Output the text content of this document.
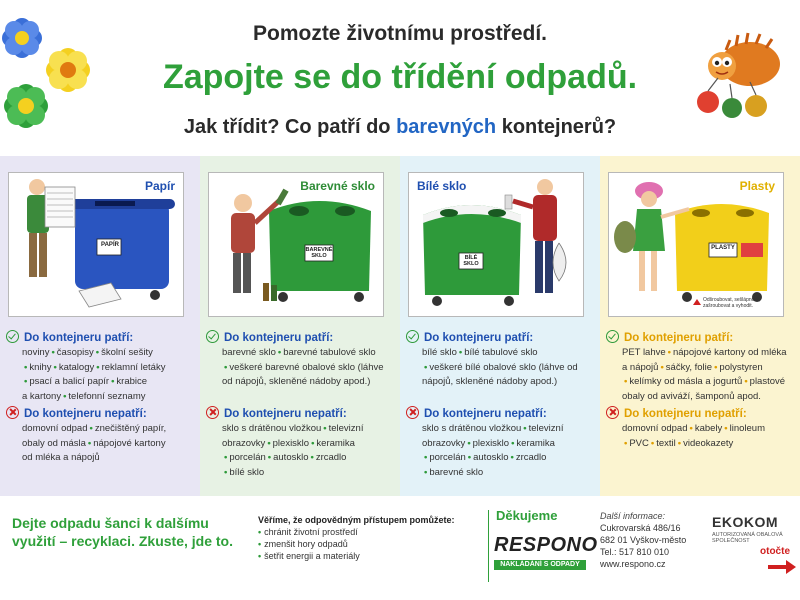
Pomozte životnímu prostředí.
Zapojte se do třídění odpadů.
Jak třídit? Co patří do barevných kontejnerů?
Papír
PAPÍR
Do kontejneru patří:
noviny • časopisy • školní sešity
• knihy • katalogy • reklamní letáky
• psací a balicí papír • krabice
a kartony • telefonní seznamy
Do kontejneru nepatří:
domovní odpad • znečištěný papír,
obaly od másla • nápojové kartony
od mléka a nápojů
Barevné sklo
BAREVNÉ SKLO
Do kontejneru patří:
barevné sklo • barevné tabulové sklo
• veškeré barevné obalové sklo (láhve
od nápojů, skleněné nádoby apod.)
Do kontejneru nepatří:
sklo s drátěnou vložkou • televizní
obrazovky • plexisklo • keramika
• porcelán • autosklo • zrcadlo
• bílé sklo
Bílé sklo
BÍLÉ SKLO
Do kontejneru patří:
bílé sklo • bílé tabulové sklo
• veškeré bílé obalové sklo (láhve od
nápojů, skleněné nádoby apod.)
Do kontejneru nepatří:
sklo s drátěnou vložkou • televizní
obrazovky • plexisklo • keramika
• porcelán • autosklo • zrcadlo
• barevné sklo
Plasty
PLASTY
Odšroubovat, sešlápnout, zašroubovat a vyhodit.
Do kontejneru patří:
PET lahve • nápojové kartony od mléka
a nápojů • sáčky, folie • polystyren
• kelímky od másla a jogurtů • plastové
obaly od aviváží, šamponů apod.
Do kontejneru nepatří:
domovní odpad • kabely • linoleum
• PVC • textil • videokazety
Dejte odpadu šanci k dalšímu využití – recyklaci. Zkuste, jde to.
Věříme, že odpovědným přístupem pomůžete:
• chránit životní prostředí
• zmenšit hory odpadů
• šetřit energii a materiály
Děkujeme
RESPONO
NAKLÁDÁNÍ S ODPADY
Další informace:
Cukrovarská 486/16
682 01 Vyškov-město
Tel.: 517 810 010
www.respono.cz
EKOKOM
AUTORIZOVANÁ OBALOVÁ SPOLEČNOST
otočte
